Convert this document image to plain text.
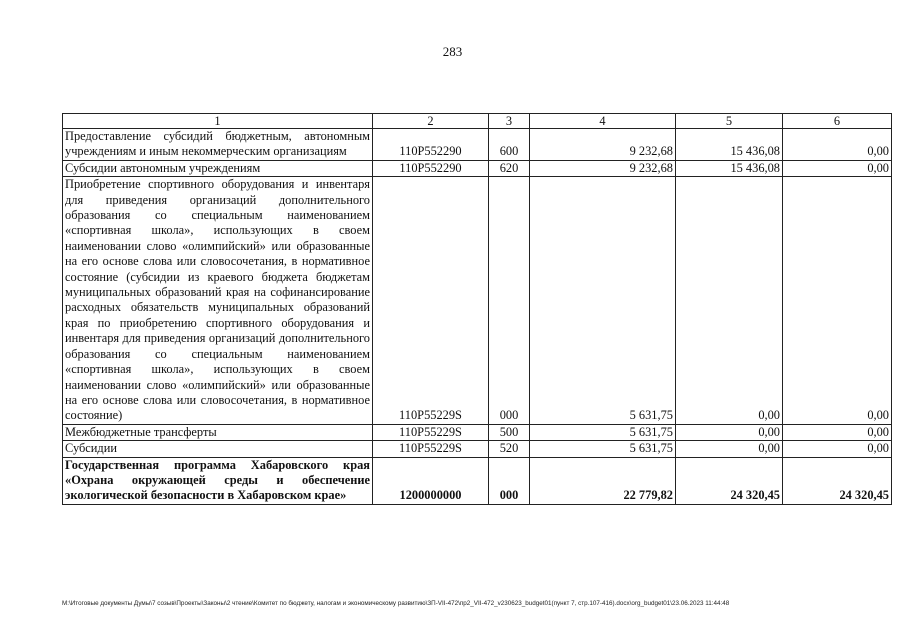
283
1	2	3	4	5	6
Предоставление субсидий бюджетным, автономным учреждениям и иным некоммерческим организациям	110P552290	600	9 232,68	15 436,08	0,00
Субсидии автономным учреждениям	110P552290	620	9 232,68	15 436,08	0,00
Приобретение спортивного оборудования и инвентаря для приведения организаций дополнительного образования со специальным наименованием «спортивная школа», использующих в своем наименовании слово «олимпийский» или образованные на его основе слова или словосочетания, в нормативное состояние (субсидии из краевого бюджета бюджетам муниципальных образований края на софинансирование расходных обязательств муниципальных образований края по приобретению спортивного оборудования и инвентаря для приведения организаций дополнительного образования со специальным наименованием «спортивная школа», использующих в своем наименовании слово «олимпийский» или образованные на его основе слова или словосочетания, в нормативное состояние)	110P55229S	000	5 631,75	0,00	0,00
Межбюджетные трансферты	110P55229S	500	5 631,75	0,00	0,00
Субсидии	110P55229S	520	5 631,75	0,00	0,00
Государственная программа Хабаровского края «Охрана окружающей среды и обеспечение экологической безопасности в Хабаровском крае»	1200000000	000	22 779,82	24 320,45	24 320,45
M:\Итоговые документы Думы\7 созыв\Проекты\Законы\2 чтение\Комитет по бюджету, налогам и экономическому развитию\ЗП-VII-472\пр2_VII-472_v230623_budget01(пункт 7, стр.107-416).docx\org_budget01\23.06.2023 11:44:48
